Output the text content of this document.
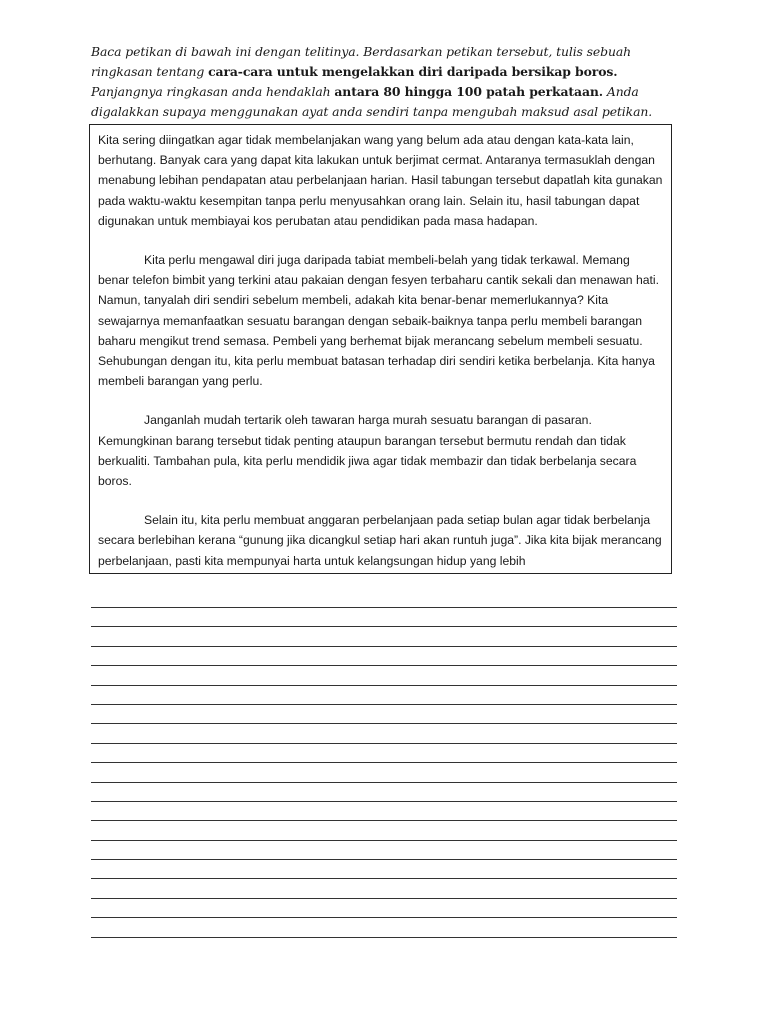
Baca petikan di bawah ini dengan telitinya. Berdasarkan petikan tersebut, tulis sebuah ringkasan tentang cara-cara untuk mengelakkan diri daripada bersikap boros. Panjangnya ringkasan anda hendaklah antara 80 hingga 100 patah perkataan. Anda digalakkan supaya menggunakan ayat anda sendiri tanpa mengubah maksud asal petikan.

Kita sering diingatkan agar tidak membelanjakan wang yang belum ada atau dengan kata-kata lain, berhutang. Banyak cara yang dapat kita lakukan untuk berjimat cermat. Antaranya termasuklah dengan menabung lebihan pendapatan atau perbelanjaan harian. Hasil tabungan tersebut dapatlah kita gunakan pada waktu-waktu kesempitan tanpa perlu menyusahkan orang lain. Selain itu, hasil tabungan dapat digunakan untuk membiayai kos perubatan atau pendidikan pada masa hadapan.

Kita perlu mengawal diri juga daripada tabiat membeli-belah yang tidak terkawal. Memang benar telefon bimbit yang terkini atau pakaian dengan fesyen terbaharu cantik sekali dan menawan hati. Namun, tanyalah diri sendiri sebelum membeli, adakah kita benar-benar memerlukannya? Kita sewajarnya memanfaatkan sesuatu barangan dengan sebaik-baiknya tanpa perlu membeli barangan baharu mengikut trend semasa. Pembeli yang berhemat bijak merancang sebelum membeli sesuatu. Sehubungan dengan itu, kita perlu membuat batasan terhadap diri sendiri ketika berbelanja. Kita hanya membeli barangan yang perlu.

Janganlah mudah tertarik oleh tawaran harga murah sesuatu barangan di pasaran. Kemungkinan barang tersebut tidak penting ataupun barangan tersebut bermutu rendah dan tidak berkualiti. Tambahan pula, kita perlu mendidik jiwa agar tidak membazir dan tidak berbelanja secara boros.

Selain itu, kita perlu membuat anggaran perbelanjaan pada setiap bulan agar tidak berbelanja secara berlebihan kerana “gunung jika dicangkul setiap hari akan runtuh juga”. Jika kita bijak merancang perbelanjaan, pasti kita mempunyai harta untuk kelangsungan hidup yang lebih
